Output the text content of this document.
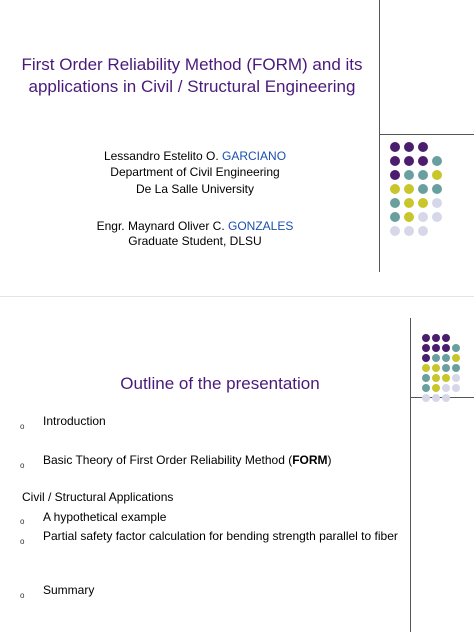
First Order Reliability Method (FORM) and its applications in Civil / Structural Engineering
Lessandro Estelito O. GARCIANO
Department of Civil Engineering
De La Salle University
Engr. Maynard Oliver C. GONZALES
Graduate Student, DLSU
Outline of the presentation
o Introduction
o Basic Theory of First Order Reliability Method (FORM)
Civil / Structural Applications
o A hypothetical example
o Partial safety factor calculation for bending strength parallel to fiber
o Summary
